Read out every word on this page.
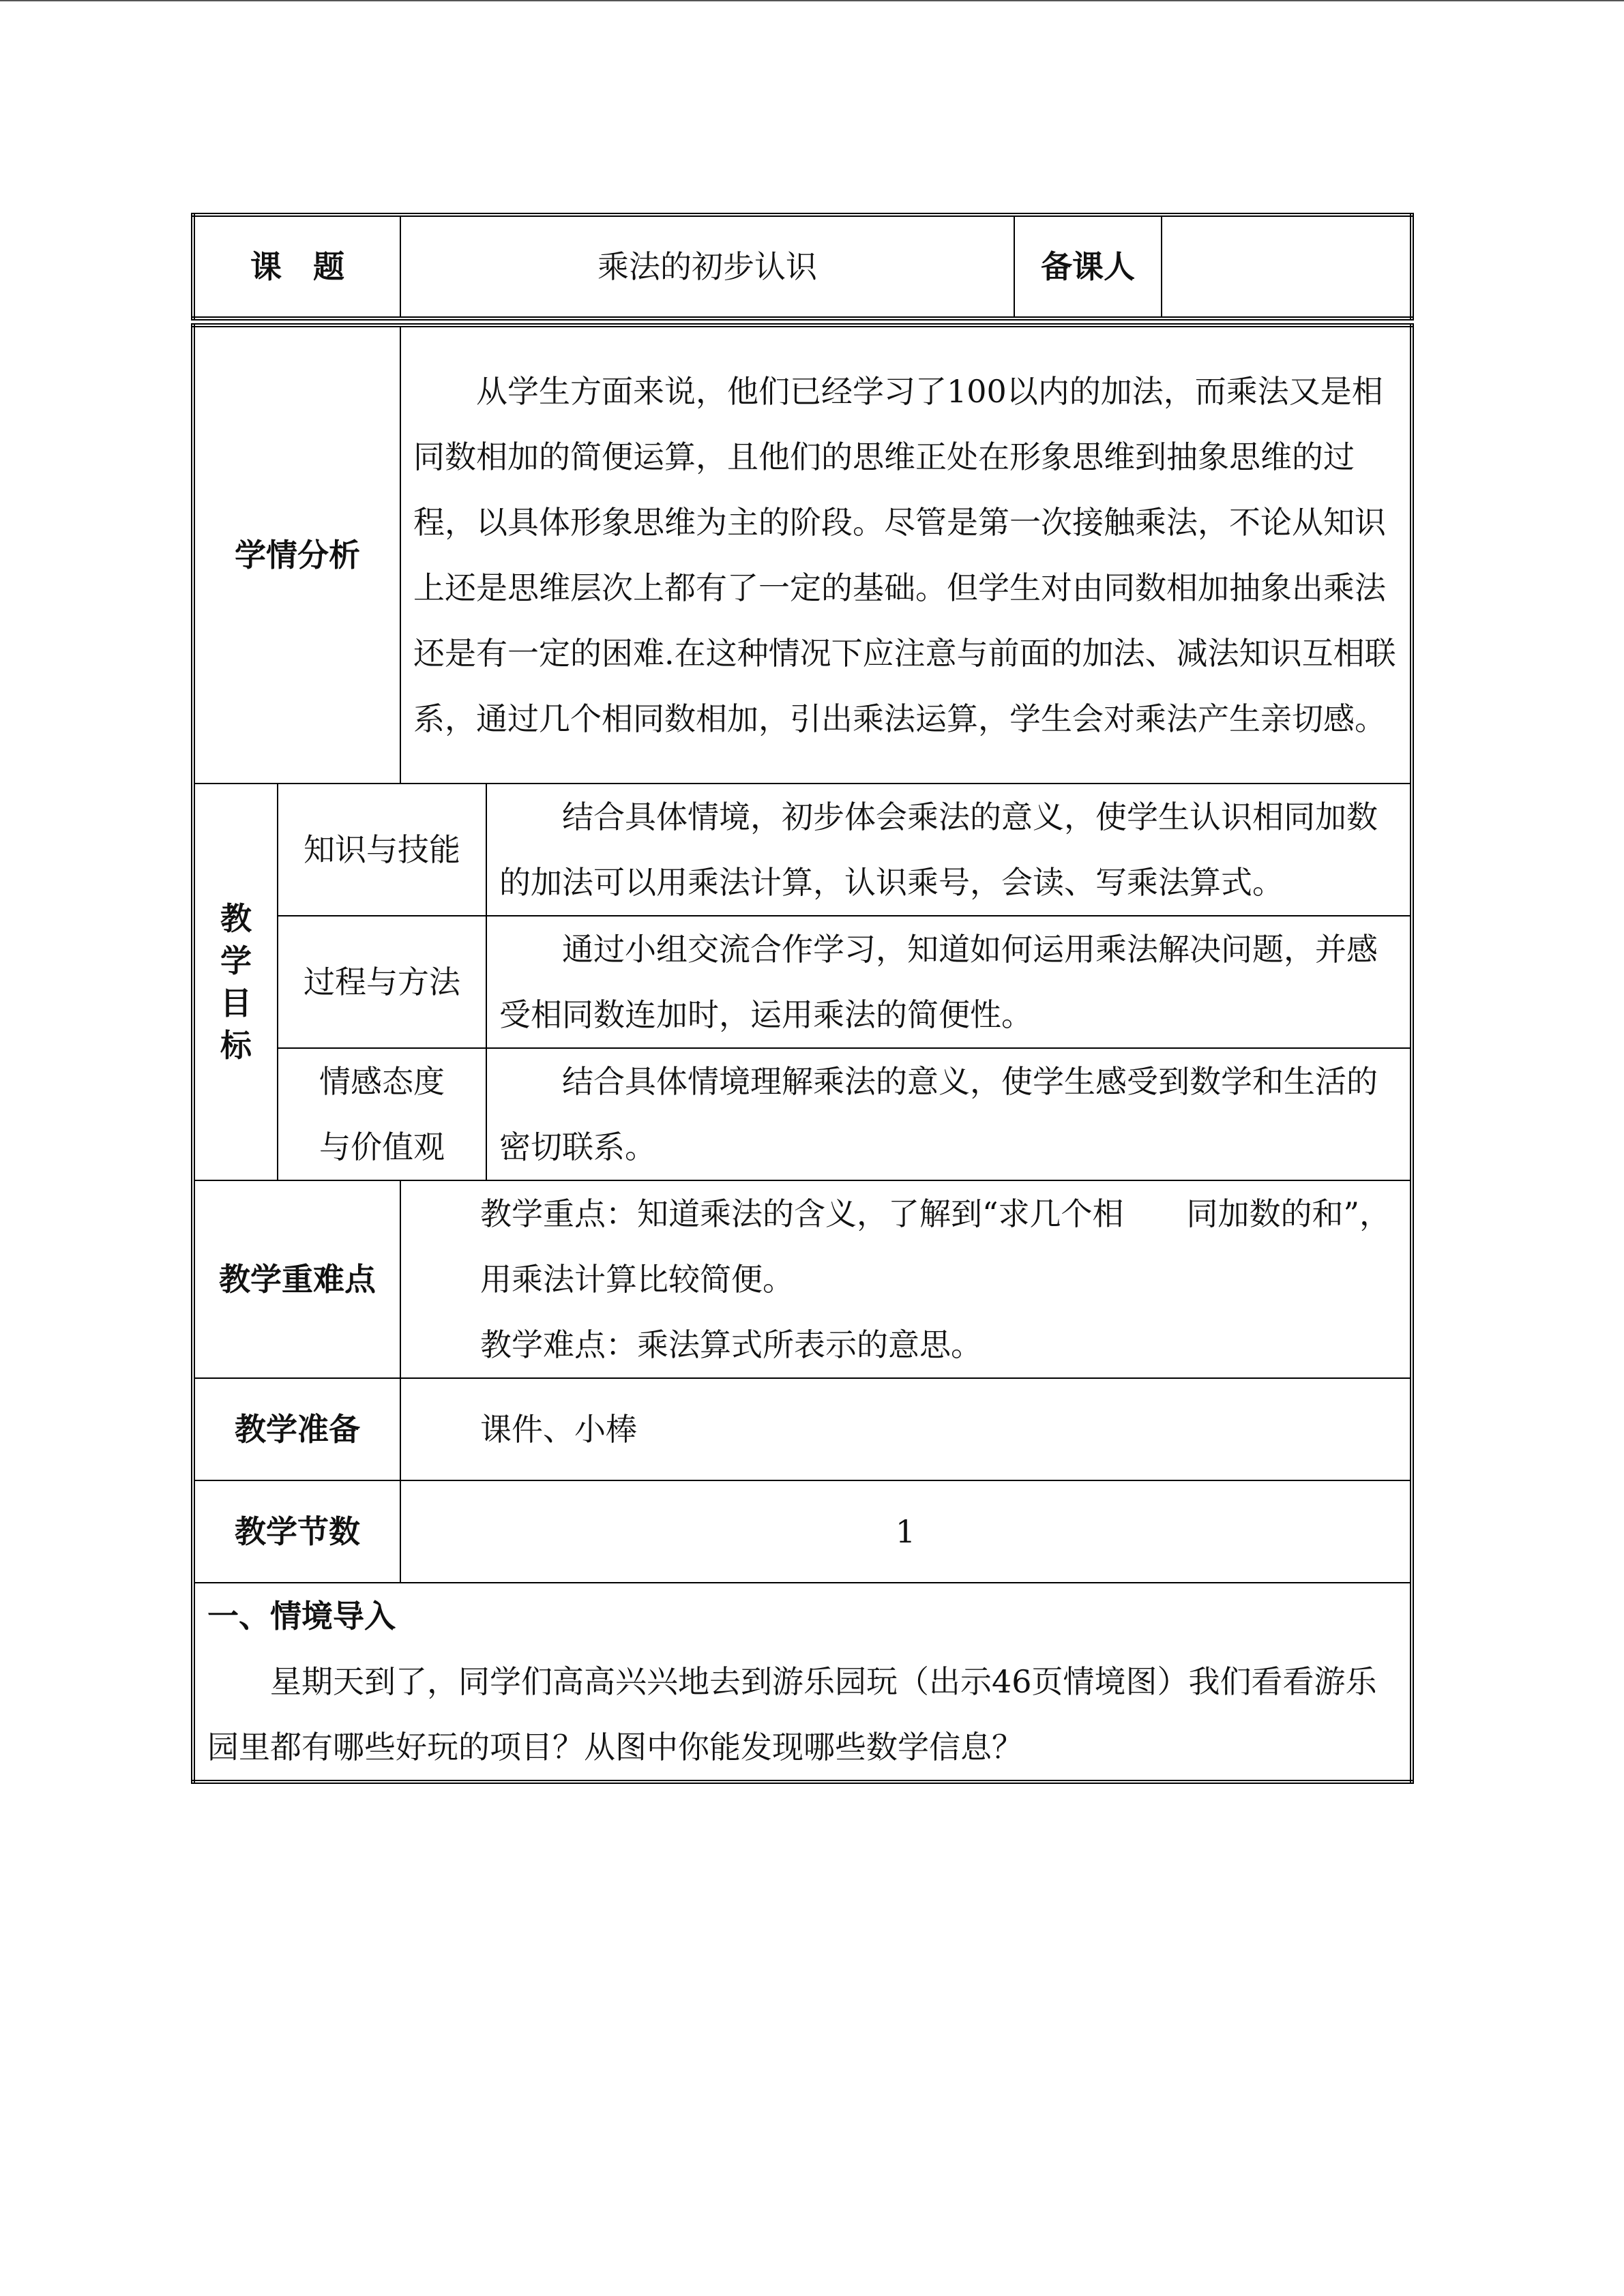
课　题	乘法的初步认识	备课人	
学情分析		从学生方面来说，他们已经学习了100以内的加法，而乘法又是相同数相加的简便运算，且他们的思维正处在形象思维到抽象思维的过程，以具体形象思维为主的阶段。尽管是第一次接触乘法，不论从知识上还是思维层次上都有了一定的基础。但学生对由同数相加抽象出乘法还是有一定的困难.在这种情况下应注意与前面的加法、减法知识互相联系，通过几个相同数相加，引出乘法运算，学生会对乘法产生亲切感。	

教
学
目
标	知识与技能		结合具体情境，初步体会乘法的意义，使学生认识相同加数的加法可以用乘法计算，认识乘号，会读、写乘法算式。

	过程与方法		通过小组交流合作学习，知道如何运用乘法解决问题，并感受相同数连加时，运用乘法的简便性。

	情感态度与价值观		结合具体情境理解乘法的意义，使学生感受到数学和生活的密切联系。

教学重难点		教学重点：知道乘法的含义，了解到“求几个相　　同加数的和”，用乘法计算比较简便。

教学难点：乘法算式所表示的意思。	

教学准备		课件、小棒	
教学节数		1	

一、情境导入

星期天到了，同学们高高兴兴地去到游乐园玩（出示46页情境图）我们看看游乐园里都有哪些好玩的项目？从图中你能发现哪些数学信息？			
